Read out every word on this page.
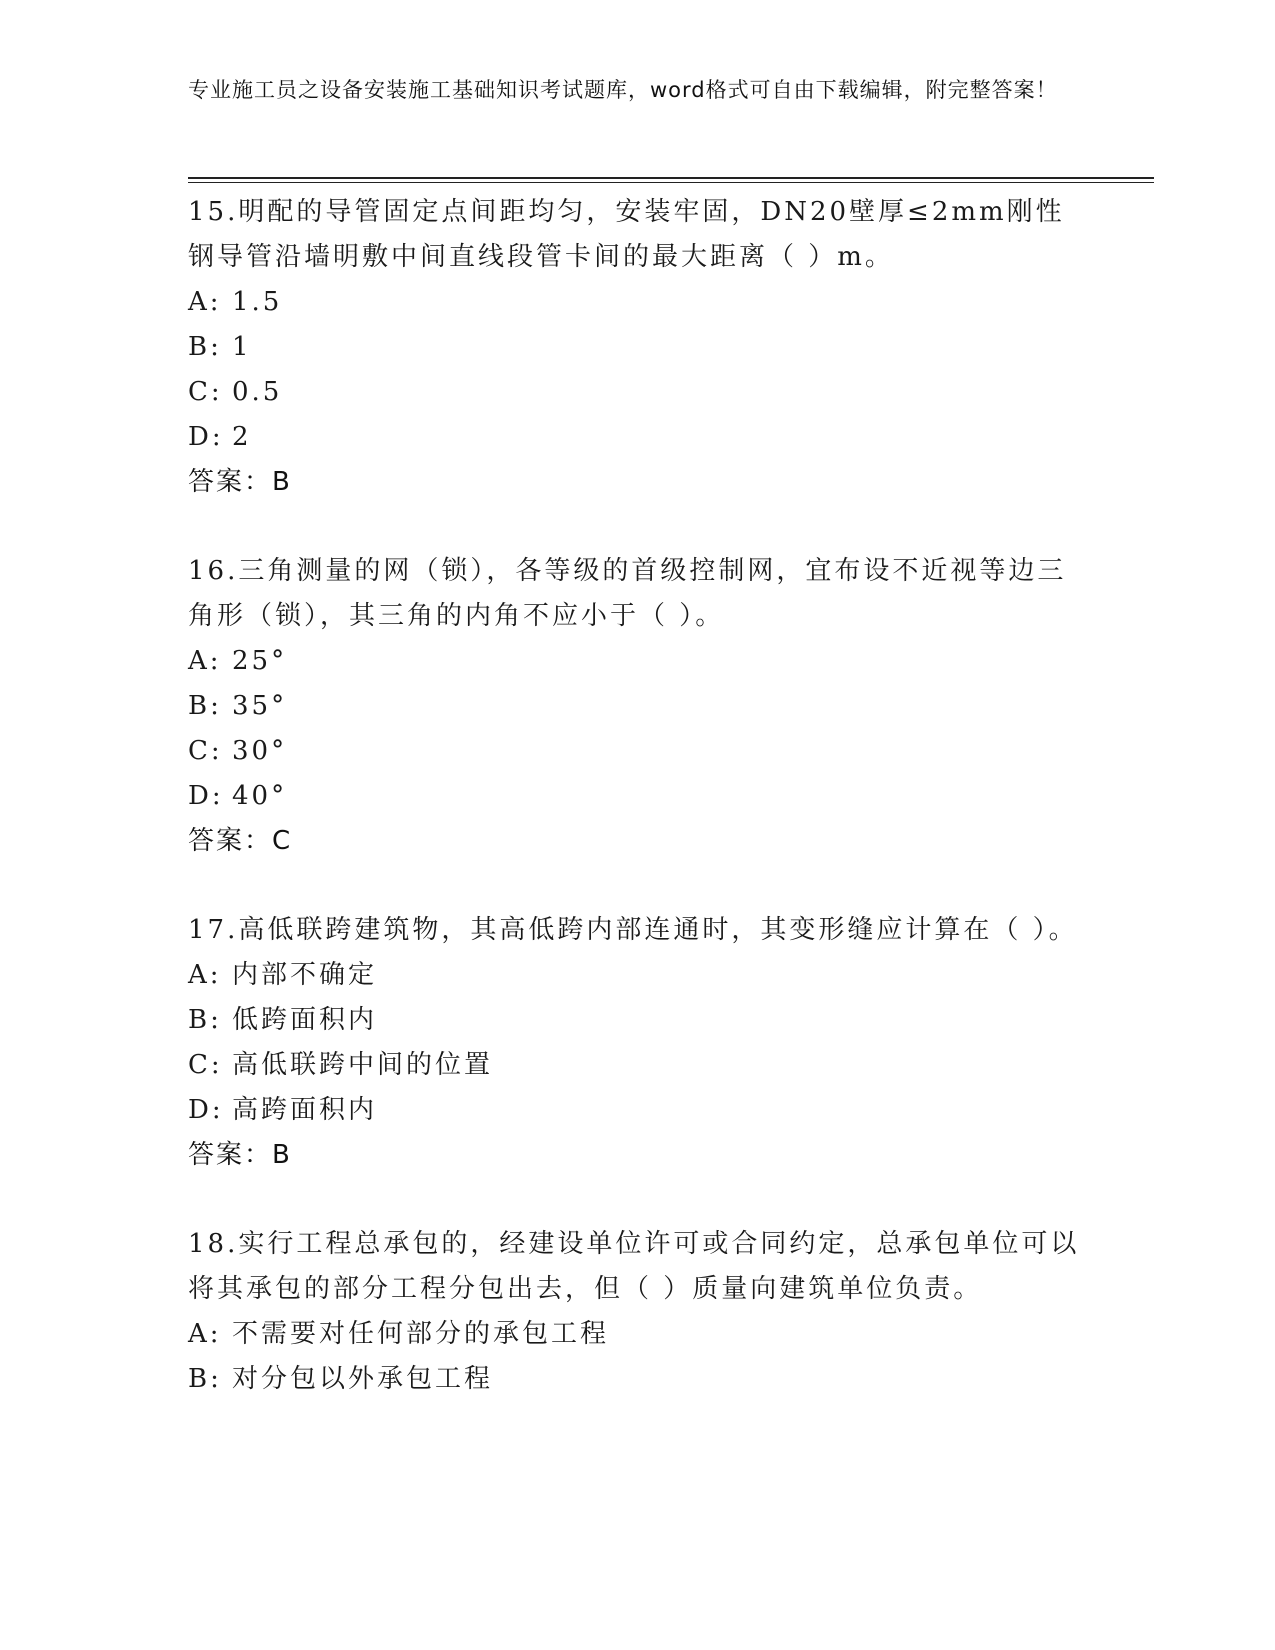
专业施工员之设备安装施工基础知识考试题库，word格式可自由下载编辑，附完整答案！

15.明配的导管固定点间距均匀，安装牢固，DN20壁厚≤2mm刚性钢导管沿墙明敷中间直线段管卡间的最大距离（ ）m。

A: 1.5
B: 1
C: 0.5
D: 2
答案：B

16.三角测量的网（锁），各等级的首级控制网，宜布设不近视等边三角形（锁），其三角的内角不应小于（ ）。

A: 25°
B: 35°
C: 30°
D: 40°
答案：C

17.高低联跨建筑物，其高低跨内部连通时，其变形缝应计算在（ ）。

A: 内部不确定
B: 低跨面积内
C: 高低联跨中间的位置
D: 高跨面积内
答案：B

18.实行工程总承包的，经建设单位许可或合同约定，总承包单位可以将其承包的部分工程分包出去，但（ ）质量向建筑单位负责。

A: 不需要对任何部分的承包工程
B: 对分包以外承包工程
